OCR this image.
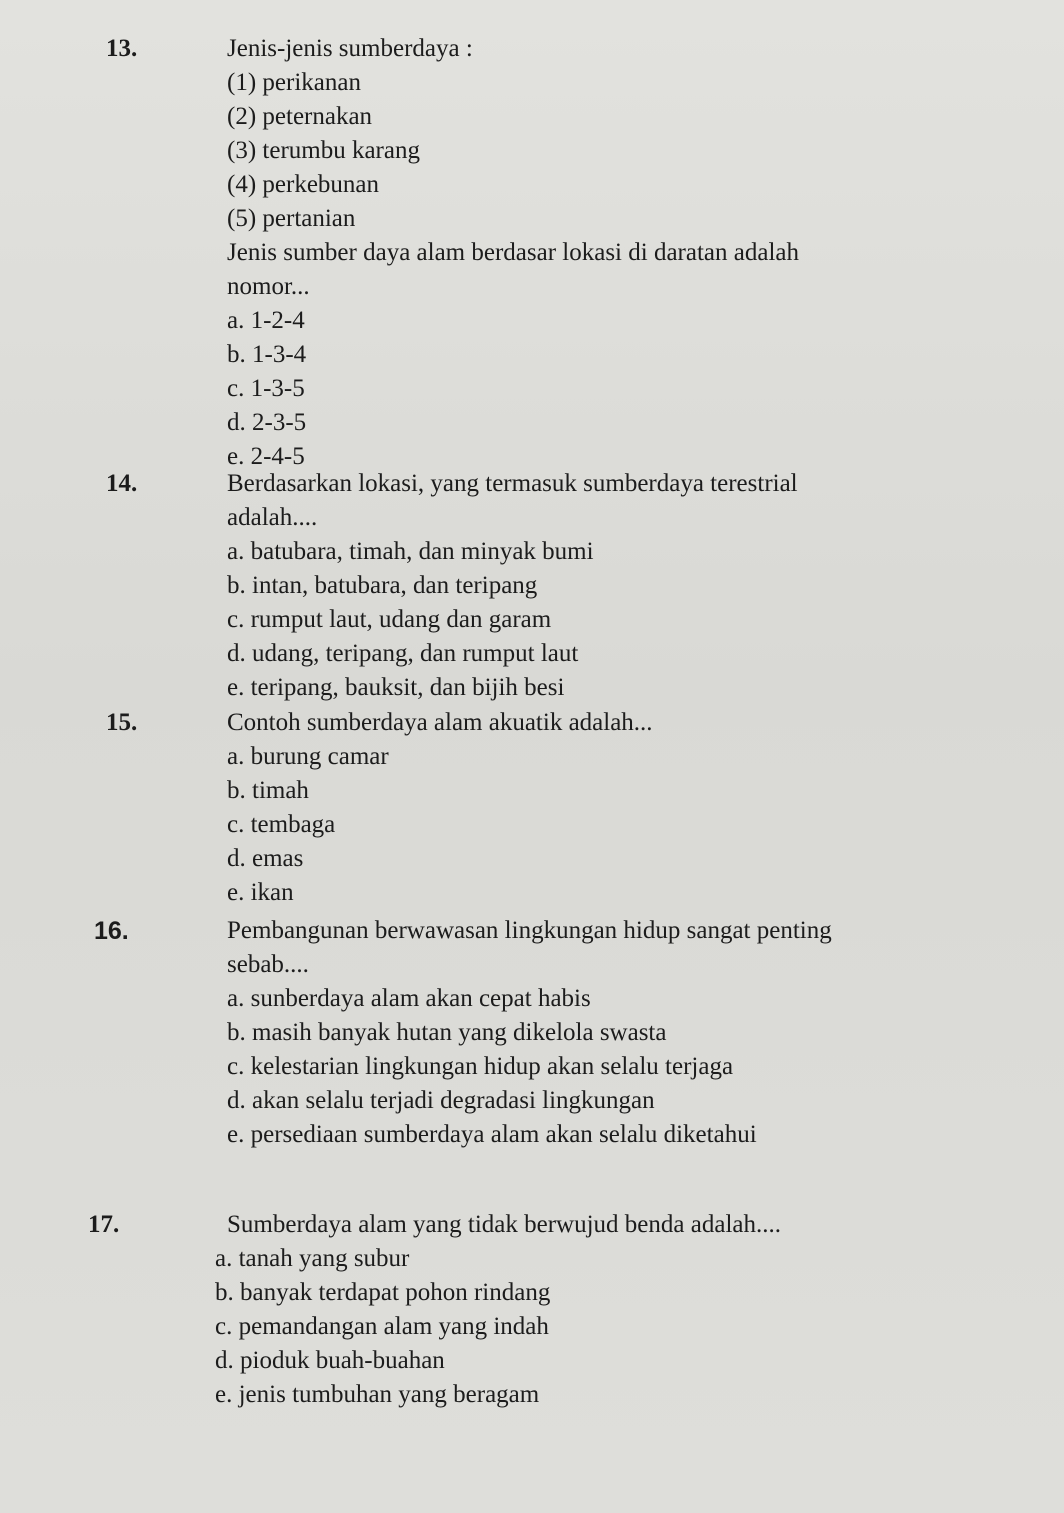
13.	Jenis-jenis sumberdaya :
(1) perikanan
(2) peternakan
(3) terumbu karang
(4) perkebunan
(5) pertanian
Jenis sumber daya alam berdasar lokasi di daratan adalah
nomor...
a. 1-2-4
b. 1-3-4
c. 1-3-5
d. 2-3-5
e. 2-4-5
14.	Berdasarkan lokasi, yang termasuk sumberdaya terestrial
adalah....
a. batubara, timah, dan minyak bumi
b. intan, batubara, dan teripang
c. rumput laut, udang dan garam
d. udang, teripang, dan rumput laut
e. teripang, bauksit, dan bijih besi
15.	Contoh sumberdaya alam akuatik adalah...
a. burung camar
b. timah
c. tembaga
d. emas
e. ikan
16.	Pembangunan berwawasan lingkungan hidup sangat penting
sebab....
a. sunberdaya alam akan cepat habis
b. masih banyak hutan yang dikelola swasta
c. kelestarian lingkungan hidup akan selalu terjaga
d. akan selalu terjadi degradasi lingkungan
e. persediaan sumberdaya alam akan selalu diketahui
17.	Sumberdaya alam yang tidak berwujud benda adalah....
a. tanah yang subur
b. banyak terdapat pohon rindang
c. pemandangan alam yang indah
d. pioduk buah-buahan
e. jenis tumbuhan yang beragam
